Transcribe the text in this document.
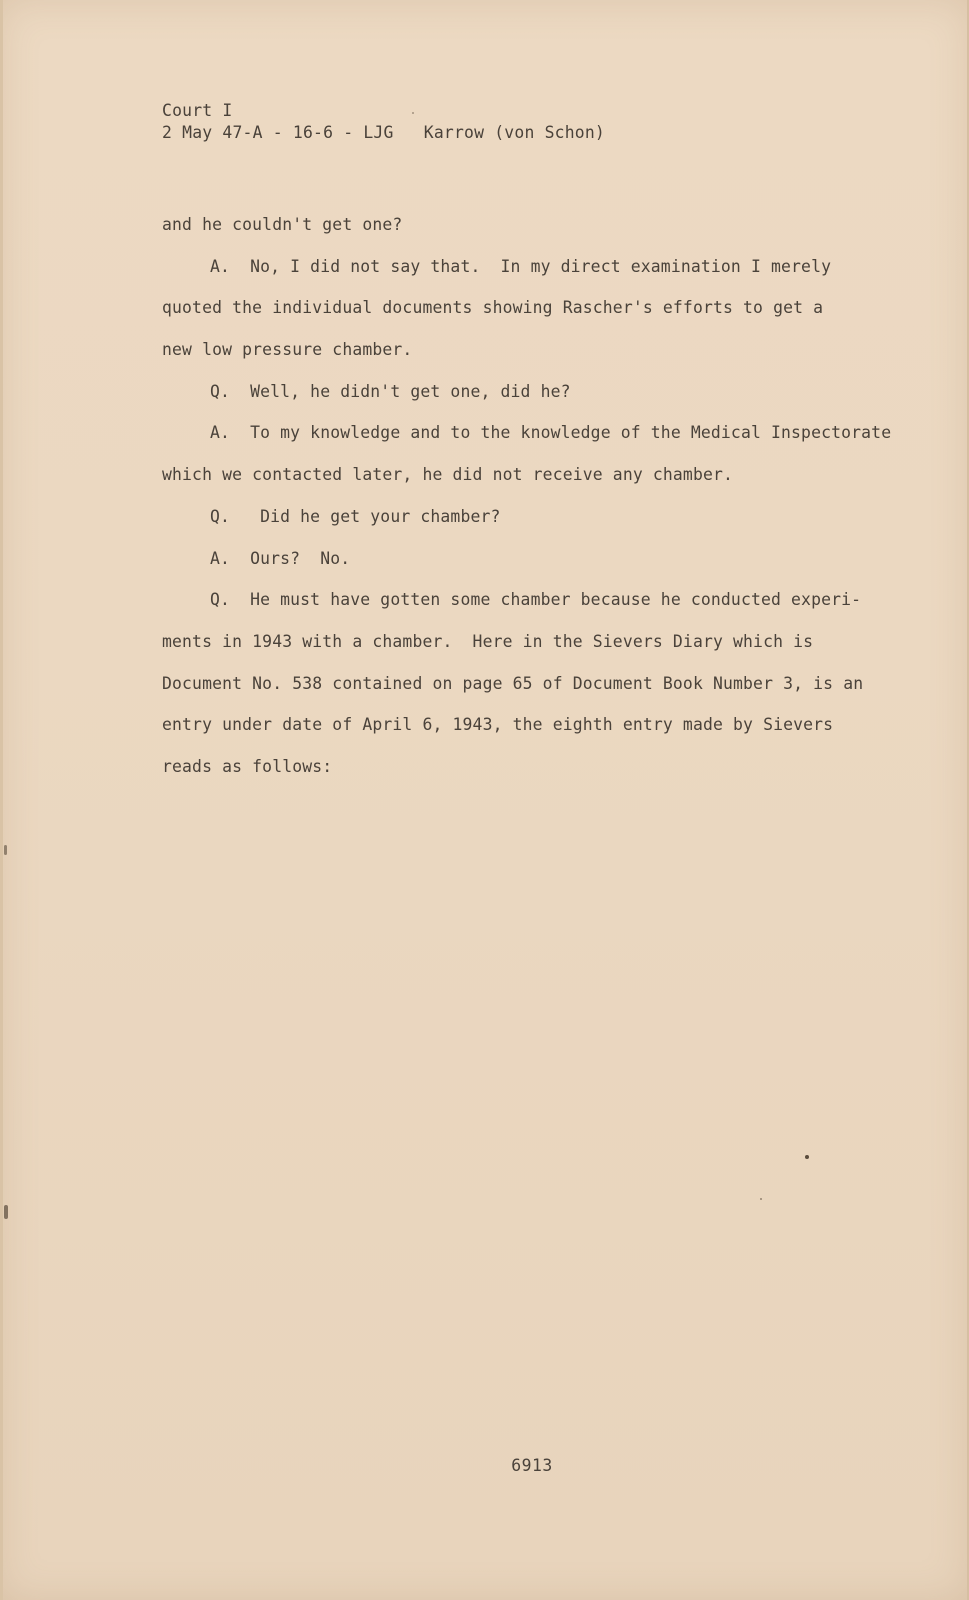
Court I
2 May 47-A - 16-6 - LJG   Karrow (von Schon)

and he couldn't get one?

A.  No, I did not say that.  In my direct examination I merely

quoted the individual documents showing Rascher's efforts to get a

new low pressure chamber.

Q.  Well, he didn't get one, did he?

A.  To my knowledge and to the knowledge of the Medical Inspectorate

which we contacted later, he did not receive any chamber.

Q.   Did he get your chamber?

A.  Ours?  No.

Q.  He must have gotten some chamber because he conducted experi-

ments in 1943 with a chamber.  Here in the Sievers Diary which is

Document No. 538 contained on page 65 of Document Book Number 3, is an

entry under date of April 6, 1943, the eighth entry made by Sievers

reads as follows:

6913
